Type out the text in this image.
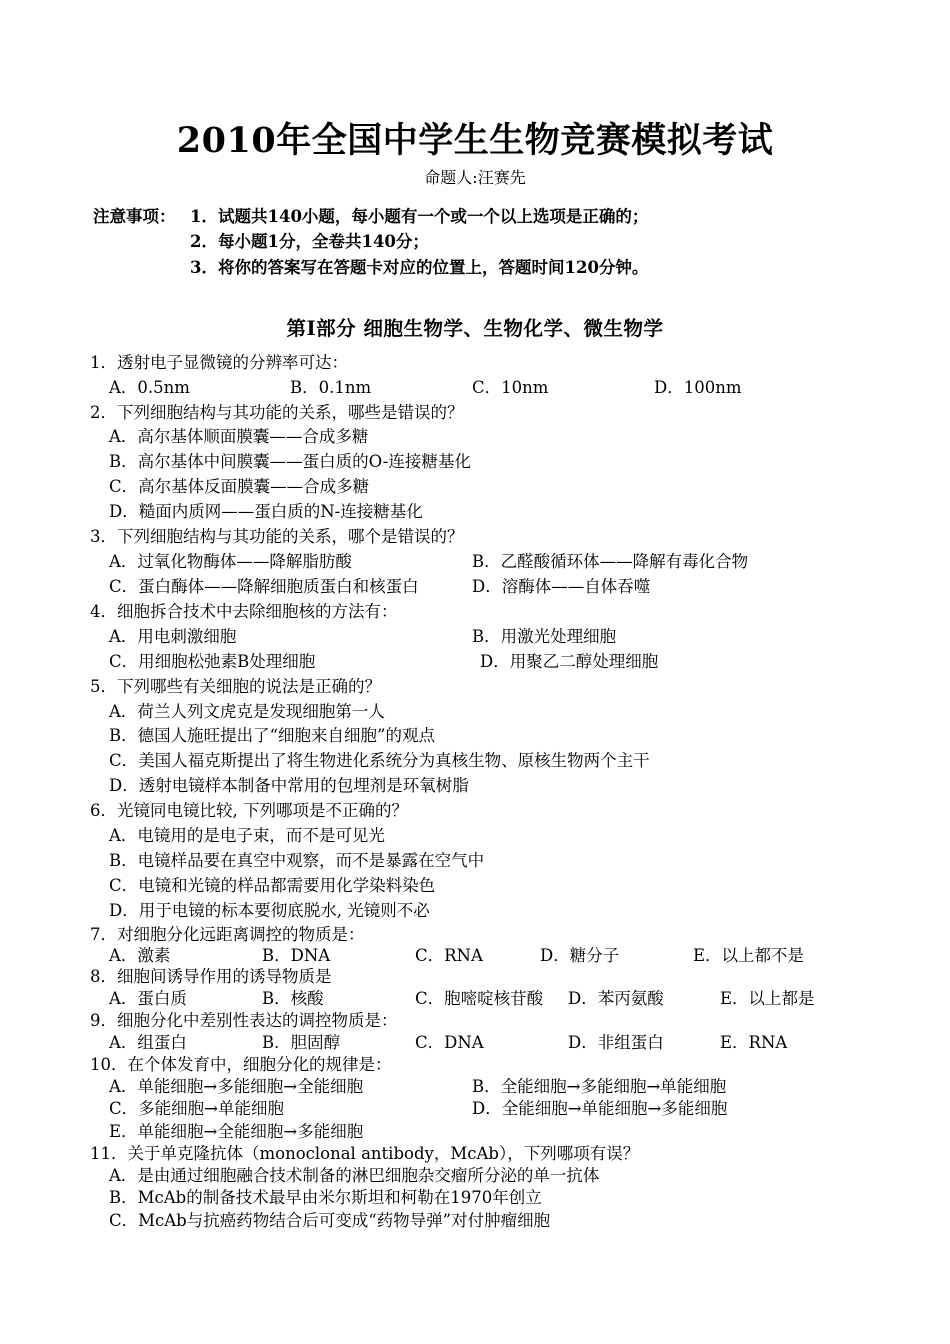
2010年全国中学生生物竞赛模拟考试
命题人:汪赛先
注意事项： 1．试题共140小题，每小题有一个或一个以上选项是正确的；
2．每小题1分，全卷共140分；
3．将你的答案写在答题卡对应的位置上，答题时间120分钟。
第Ⅰ部分 细胞生物学、生物化学、微生物学
1．透射电子显微镜的分辨率可达：
A．0.5nm	B．0.1nm	C．10nm	D．100nm
2．下列细胞结构与其功能的关系，哪些是错误的？
A．高尔基体顺面膜囊——合成多糖
B．高尔基体中间膜囊——蛋白质的O-连接糖基化
C．高尔基体反面膜囊——合成多糖
D．糙面内质网——蛋白质的N-连接糖基化
3．下列细胞结构与其功能的关系，哪个是错误的？
A．过氧化物酶体——降解脂肪酸	B．乙醛酸循环体——降解有毒化合物
C．蛋白酶体——降解细胞质蛋白和核蛋白	D．溶酶体——自体吞噬
4．细胞拆合技术中去除细胞核的方法有：
A．用电刺激细胞	B．用激光处理细胞
C．用细胞松弛素B处理细胞	D．用聚乙二醇处理细胞
5．下列哪些有关细胞的说法是正确的？
A．荷兰人列文虎克是发现细胞第一人
B．德国人施旺提出了“细胞来自细胞”的观点
C．美国人福克斯提出了将生物进化系统分为真核生物、原核生物两个主干
D．透射电镜样本制备中常用的包埋剂是环氧树脂
6．光镜同电镜比较, 下列哪项是不正确的？
A．电镜用的是电子束，而不是可见光
B．电镜样品要在真空中观察，而不是暴露在空气中
C．电镜和光镜的样品都需要用化学染料染色
D．用于电镜的标本要彻底脱水, 光镜则不必
7．对细胞分化远距离调控的物质是：
A．激素	B．DNA	C．RNA	D．糖分子	E．以上都不是
8．细胞间诱导作用的诱导物质是
A．蛋白质	B．核酸	C．胞嘧啶核苷酸 D．苯丙氨酸	E．以上都是
9．细胞分化中差别性表达的调控物质是：
A．组蛋白	B．胆固醇	C．DNA	D．非组蛋白	E．RNA
10．在个体发育中，细胞分化的规律是：
A．单能细胞→多能细胞→全能细胞	B．全能细胞→多能细胞→单能细胞
C．多能细胞→单能细胞	D．全能细胞→单能细胞→多能细胞
E．单能细胞→全能细胞→多能细胞
11．关于单克隆抗体（monoclonal antibody，McAb），下列哪项有误？
A．是由通过细胞融合技术制备的淋巴细胞杂交瘤所分泌的单一抗体
B．McAb的制备技术最早由米尔斯坦和柯勒在1970年创立
C．McAb与抗癌药物结合后可变成“药物导弹”对付肿瘤细胞
